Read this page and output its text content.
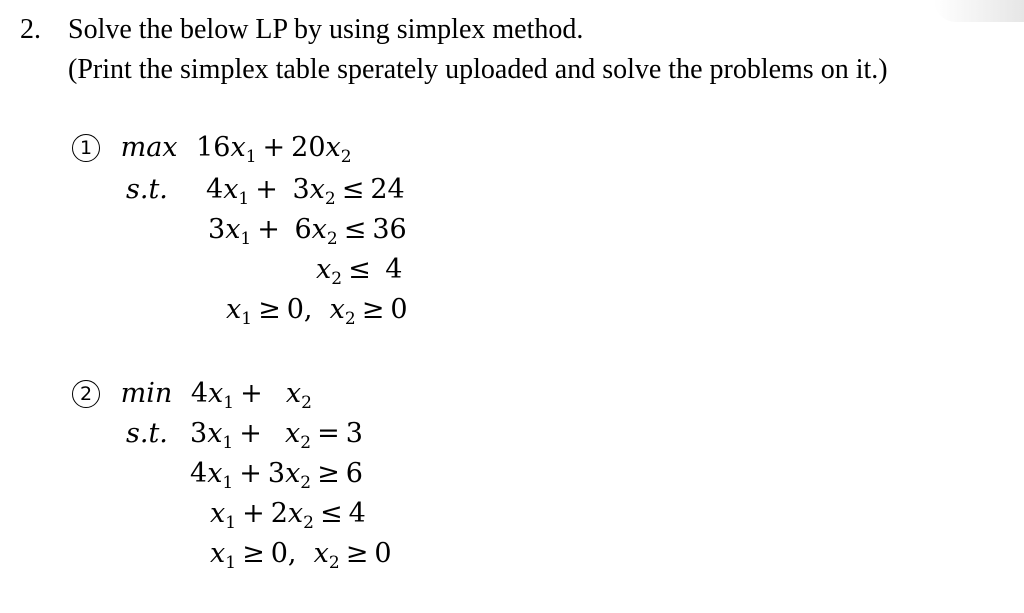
2. Solve the below LP by using simplex method.
(Print the simplex table sperately uploaded and solve the problems on it.)
1 $\max 16x_1 + 20x_2$
s.t. $4x_1 + 3x_2 \le 24$
$3x_1 + 6x_2 \le 36$
$x_2 \le 4$
$x_1 \ge 0$,  $x_2 \ge 0$
2 $\min 4x_1 + x_2$
s.t. $3x_1 + x_2 = 3$
$4x_1 + 3x_2 \ge 6$
$x_1 + 2x_2 \le 4$
$x_1 \ge 0$,  $x_2 \ge 0$
